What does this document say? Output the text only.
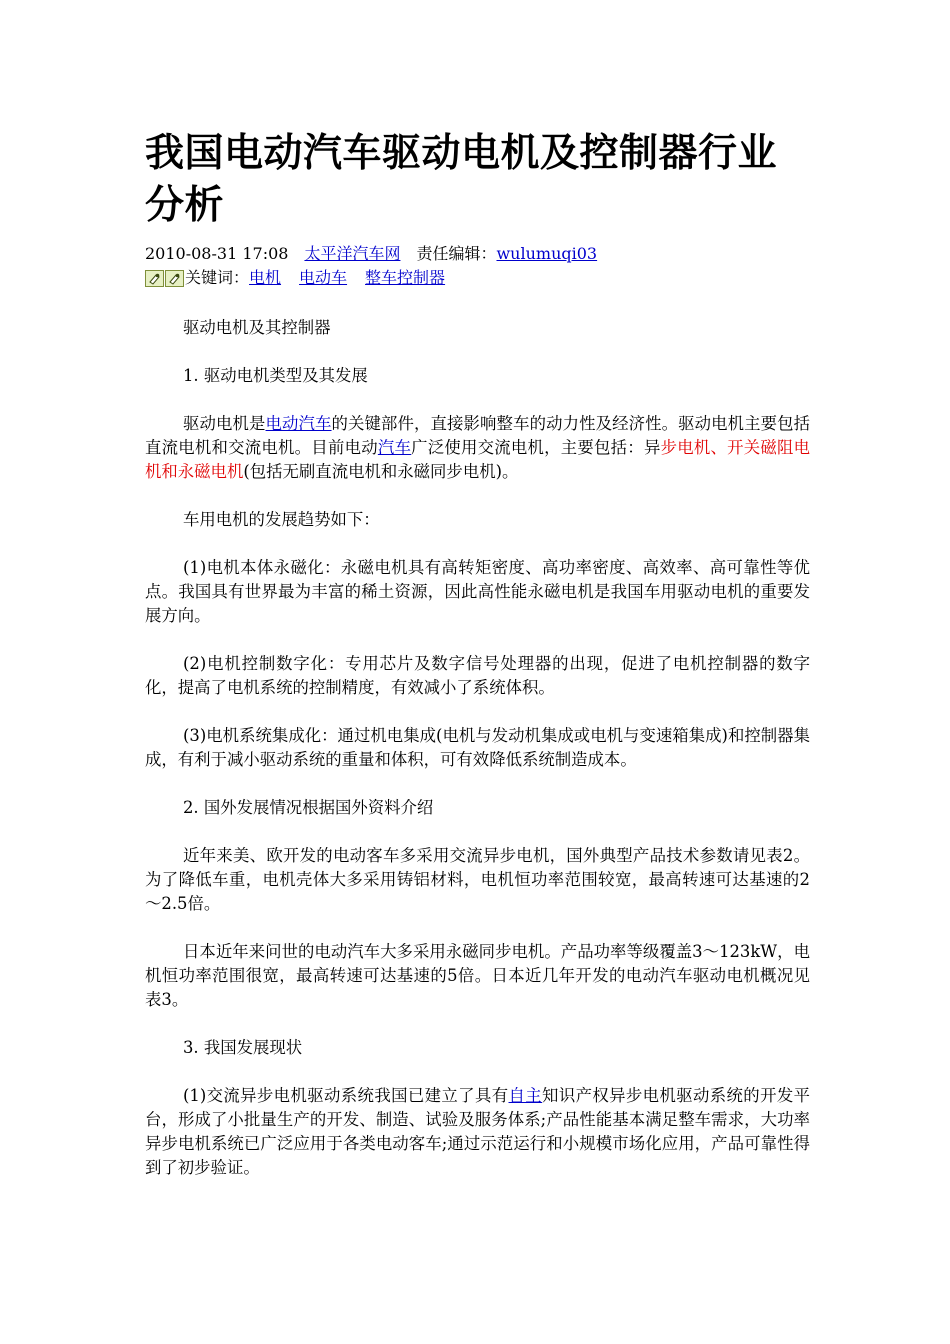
我国电动汽车驱动电机及控制器行业分析
2010-08-31 17:08 太平洋汽车网 责任编辑：wulumuqi03
关键词： 电机 电动车 整车控制器

驱动电机及其控制器

1. 驱动电机类型及其发展

驱动电机是电动汽车的关键部件，直接影响整车的动力性及经济性。驱动电机主要包括直流电机和交流电机。目前电动汽车广泛使用交流电机，主要包括：异步电机、开关磁阻电机和永磁电机(包括无刷直流电机和永磁同步电机)。

车用电机的发展趋势如下：

(1)电机本体永磁化：永磁电机具有高转矩密度、高功率密度、高效率、高可靠性等优点。我国具有世界最为丰富的稀土资源，因此高性能永磁电机是我国车用驱动电机的重要发展方向。

(2)电机控制数字化：专用芯片及数字信号处理器的出现，促进了电机控制器的数字化，提高了电机系统的控制精度，有效减小了系统体积。

(3)电机系统集成化：通过机电集成(电机与发动机集成或电机与变速箱集成)和控制器集成，有利于减小驱动系统的重量和体积，可有效降低系统制造成本。

2. 国外发展情况根据国外资料介绍

近年来美、欧开发的电动客车多采用交流异步电机，国外典型产品技术参数请见表2。为了降低车重，电机壳体大多采用铸铝材料，电机恒功率范围较宽，最高转速可达基速的2～2.5倍。

日本近年来问世的电动汽车大多采用永磁同步电机。产品功率等级覆盖3～123kW，电机恒功率范围很宽，最高转速可达基速的5倍。日本近几年开发的电动汽车驱动电机概况见表3。

3. 我国发展现状

(1)交流异步电机驱动系统我国已建立了具有自主知识产权异步电机驱动系统的开发平台，形成了小批量生产的开发、制造、试验及服务体系;产品性能基本满足整车需求，大功率异步电机系统已广泛应用于各类电动客车;通过示范运行和小规模市场化应用，产品可靠性得到了初步验证。
